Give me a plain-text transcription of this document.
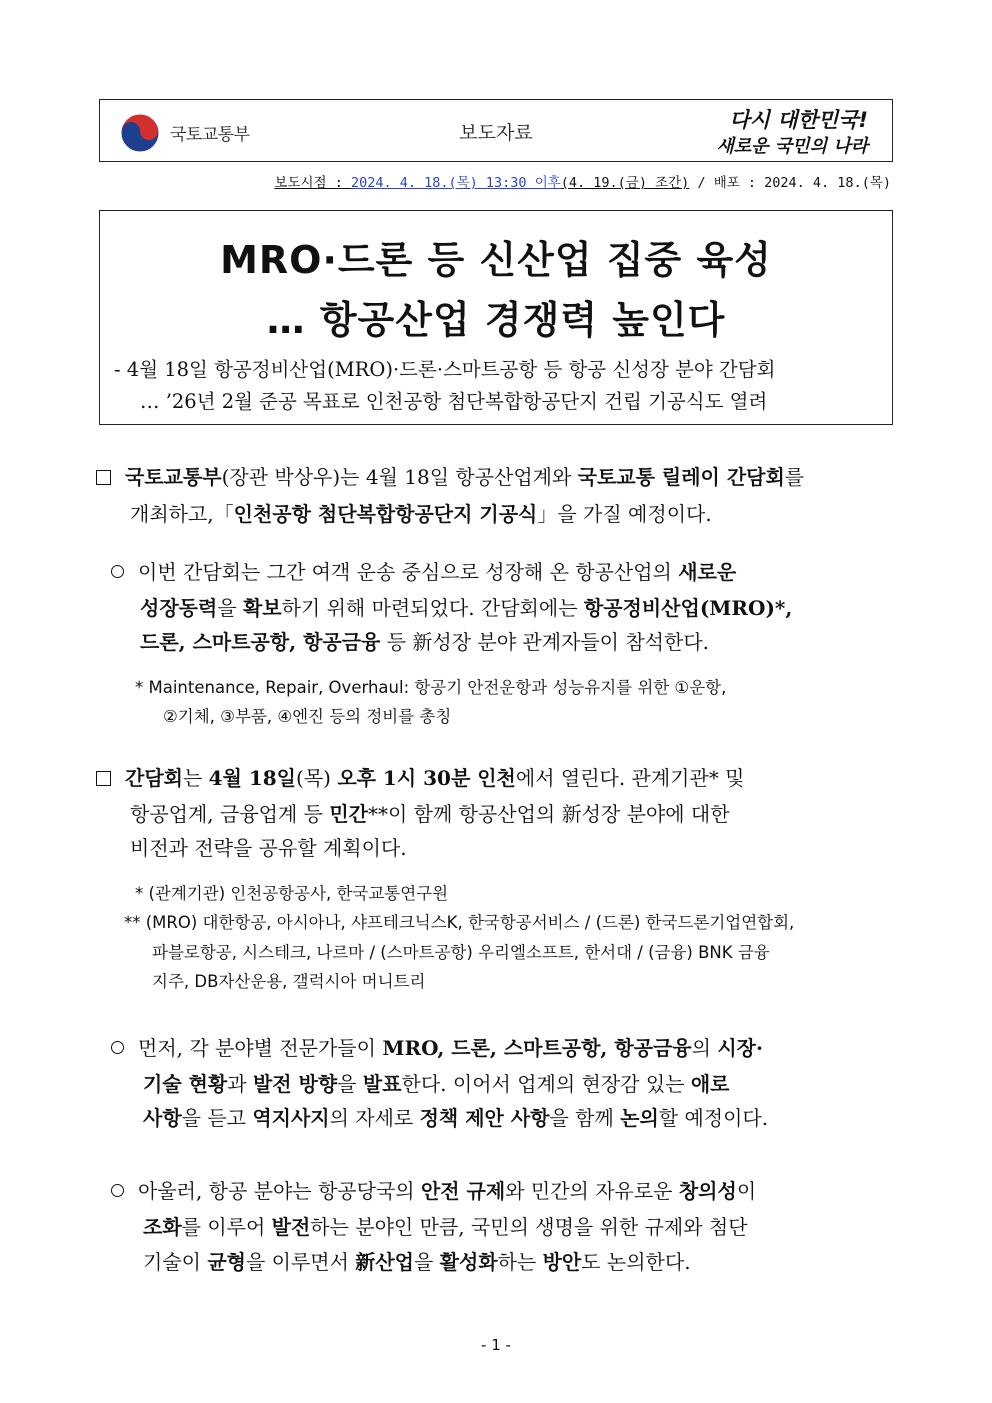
국토교통부	보도자료
다시 대한민국!
새로운 국민의 나라
보도시점 : 2024. 4. 18.(목) 13:30 이후(4. 19.(금) 조간) / 배포 : 2024. 4. 18.(목)
MRO·드론 등 신산업 집중 육성
… 항공산업 경쟁력 높인다
- 4월 18일 항공정비산업(MRO)·드론·스마트공항 등 항공 신성장 분야 간담회
… ’26년 2월 준공 목표로 인천공항 첨단복합항공단지 건립 기공식도 열려
국토교통부(장관 박상우)는 4월 18일 항공산업계와 국토교통 릴레이 간담회를
개최하고,「인천공항 첨단복합항공단지 기공식」을 가질 예정이다.
이번 간담회는 그간 여객 운송 중심으로 성장해 온 항공산업의 새로운
성장동력을 확보하기 위해 마련되었다. 간담회에는 항공정비산업(MRO)*,
드론, 스마트공항, 항공금융 등 新성장 분야 관계자들이 참석한다.
* Maintenance, Repair, Overhaul: 항공기 안전운항과 성능유지를 위한 ①운항,
②기체, ③부품, ④엔진 등의 정비를 총칭
간담회는 4월 18일(목) 오후 1시 30분 인천에서 열린다. 관계기관* 및
항공업계, 금융업계 등 민간**이 함께 항공산업의 新성장 분야에 대한
비전과 전략을 공유할 계획이다.
* (관계기관) 인천공항공사, 한국교통연구원
** (MRO) 대한항공, 아시아나, 샤프테크닉스K, 한국항공서비스 / (드론) 한국드론기업연합회,
파블로항공, 시스테크, 나르마 / (스마트공항) 우리엘소프트, 한서대 / (금융) BNK 금융
지주, DB자산운용, 갤럭시아 머니트리
먼저, 각 분야별 전문가들이 MRO, 드론, 스마트공항, 항공금융의 시장·
기술 현황과 발전 방향을 발표한다. 이어서 업계의 현장감 있는 애로
사항을 듣고 역지사지의 자세로 정책 제안 사항을 함께 논의할 예정이다.
아울러, 항공 분야는 항공당국의 안전 규제와 민간의 자유로운 창의성이
조화를 이루어 발전하는 분야인 만큼, 국민의 생명을 위한 규제와 첨단
기술이 균형을 이루면서 新산업을 활성화하는 방안도 논의한다.
- 1 -
